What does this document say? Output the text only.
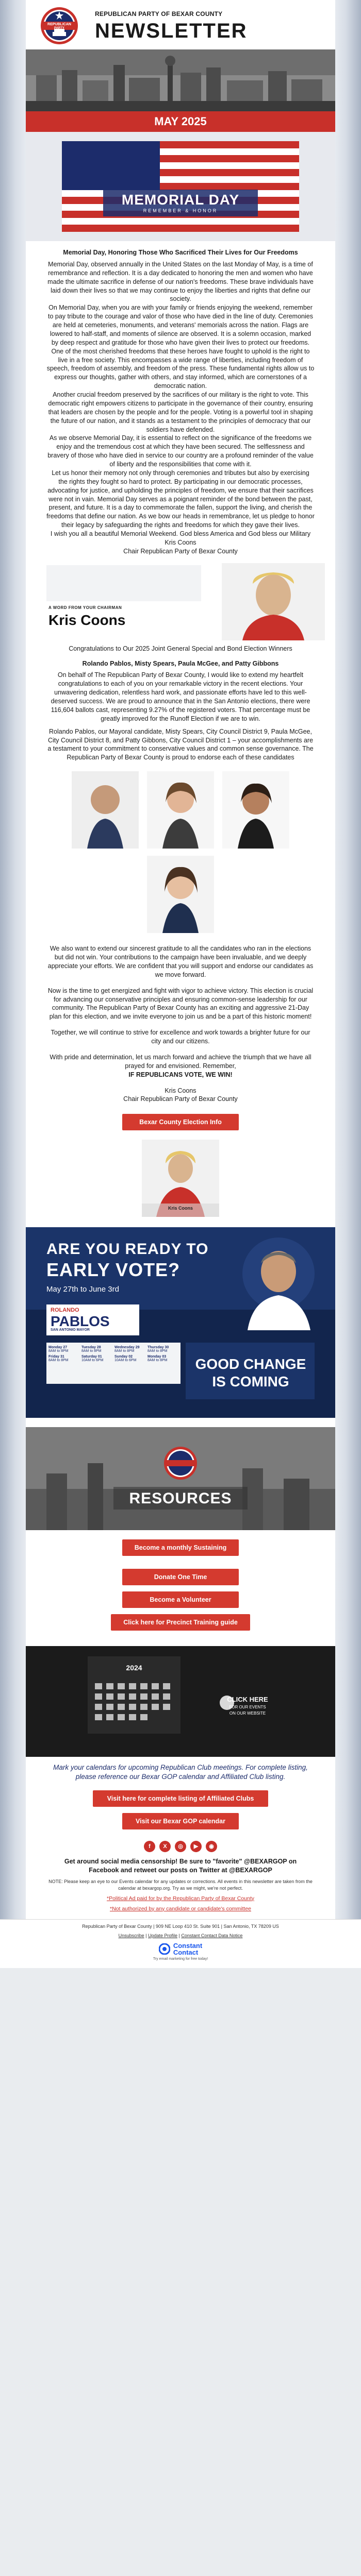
REPUBLICAN
PARTY
REPUBLICAN PARTY OF BEXAR COUNTY
NEWSLETTER
MAY 2025
MEMORIAL DAY
REMEMBER & HONOR

Memorial Day, Honoring Those Who Sacrificed Their Lives for Our Freedoms

Memorial Day, observed annually in the United States on the last Monday of May, is a time of remembrance and reflection. It is a day dedicated to honoring the men and women who have made the ultimate sacrifice in defense of our nation's freedoms. These brave individuals have laid down their lives so that we may continue to enjoy the liberties and rights that define our society.

On Memorial Day, when you are with your family or friends enjoying the weekend, remember to pay tribute to the courage and valor of those who have died in the line of duty. Ceremonies are held at cemeteries, monuments, and veterans' memorials across the nation. Flags are lowered to half-staff, and moments of silence are observed. It is a solemn occasion, marked by deep respect and gratitude for those who have given their lives to protect our freedoms.

One of the most cherished freedoms that these heroes have fought to uphold is the right to live in a free society. This encompasses a wide range of liberties, including freedom of speech, freedom of assembly, and freedom of the press. These fundamental rights allow us to express our thoughts, gather with others, and stay informed, which are cornerstones of a democratic nation.

Another crucial freedom preserved by the sacrifices of our military is the right to vote. This democratic right empowers citizens to participate in the governance of their country, ensuring that leaders are chosen by the people and for the people. Voting is a powerful tool in shaping the future of our nation, and it stands as a testament to the principles of democracy that our soldiers have defended.

As we observe Memorial Day, it is essential to reflect on the significance of the freedoms we enjoy and the tremendous cost at which they have been secured. The selflessness and bravery of those who have died in service to our country are a profound reminder of the value of liberty and the responsibilities that come with it.

Let us honor their memory not only through ceremonies and tributes but also by exercising the rights they fought so hard to protect. By participating in our democratic processes, advocating for justice, and upholding the principles of freedom, we ensure that their sacrifices were not in vain. Memorial Day serves as a poignant reminder of the bond between the past, present, and future. It is a day to commemorate the fallen, support the living, and cherish the freedoms that define our nation. As we bow our heads in remembrance, let us pledge to honor their legacy by safeguarding the rights and freedoms for which they gave their lives.

I wish you all a beautiful Memorial Weekend. God bless America and God bless our Military

Kris Coons

Chair Republican Party of Bexar County

A WORD FROM YOUR CHAIRMAN
Kris Coons

Congratulations to Our 2025 Joint General Special and Bond Election Winners

Rolando Pablos, Misty Spears, Paula McGee, and Patty Gibbons

On behalf of The Republican Party of Bexar County, I would like to extend my heartfelt congratulations to each of you on your remarkable victory in the recent elections. Your unwavering dedication, relentless hard work, and passionate efforts have led to this well-deserved success. We are proud to announce that in the San Antonio elections, there were 116,604 ballots cast, representing 9.27% of the registered voters. That percentage must be greatly improved for the Runoff Election if we are to win.

Rolando Pablos, our Mayoral candidate, Misty Spears, City Council District 9, Paula McGee, City Council District 8, and Patty Gibbons, City Council District 1 – your accomplishments are a testament to your commitment to conservative values and common sense governance. The Republican Party of Bexar County is proud to endorse each of these candidates

We also want to extend our sincerest gratitude to all the candidates who ran in the elections but did not win. Your contributions to the campaign have been invaluable, and we deeply appreciate your efforts. We are confident that you will support and endorse our candidates as we move forward.

Now is the time to get energized and fight with vigor to achieve victory. This election is crucial for advancing our conservative principles and ensuring common-sense leadership for our community. The Republican Party of Bexar County has an exciting and aggressive 21-Day plan for this election, and we invite everyone to join us and be a part of this historic moment!

Together, we will continue to strive for excellence and work towards a brighter future for our city and our citizens.

With pride and determination, let us march forward and achieve the triumph that we have all prayed for and envisioned. Remember,

IF REPUBLICANS VOTE, WE WIN!

Kris Coons

Chair Republican Party of Bexar County

Bexar County Election Info
Kris Coons
ARE YOU READY TO
EARLY VOTE?
May 27th to June 3rd
ROLANDO
PABLOS
SAN ANTONIO MAYOR
Monday 27
8AM to 8PM
Tuesday 28
8AM to 8PM
Wednesday 29
8AM to 8PM
Thursday 30
8AM to 8PM
Friday 31
8AM to 8PM
Saturday 01
10AM to 6PM
Sunday 02
10AM to 6PM
Monday 03
8AM to 8PM	GOOD CHANGE
IS COMING
RESOURCES
Become a monthly Sustaining Member
Donate One Time
Become a Volunteer
Click here for Precinct Training guide
2024
CLICK HERE
FOR OUR EVENTS
ON OUR WEBSITE
Mark your calendars for upcoming Republican Club meetings. For complete listing, please reference our Bexar GOP calendar and Affiliated Club listing.
Visit here for complete listing of Affiliated Clubs
Visit our Bexar GOP calendar
f	X	◎	▶	◉
Get around social media censorship! Be sure to "favorite" @BEXARGOP on Facebook and retweet our posts on Twitter at @BEXARGOP
NOTE: Please keep an eye to our Events calendar for any updates or corrections. All events in this newsletter are taken from the calendar at bexargop.org. Try as we might, we're not perfect.
*Political Ad paid for by the Republican Party of Bexar County
*Not authorized by any candidate or candidate's committee
Republican Party of Bexar County | 909 NE Loop 410 St. Suite 901 | San Antonio, TX 78209 US
Unsubscribe | Update Profile | Constant Contact Data Notice
Constant
Contact
Try email marketing for free today!
